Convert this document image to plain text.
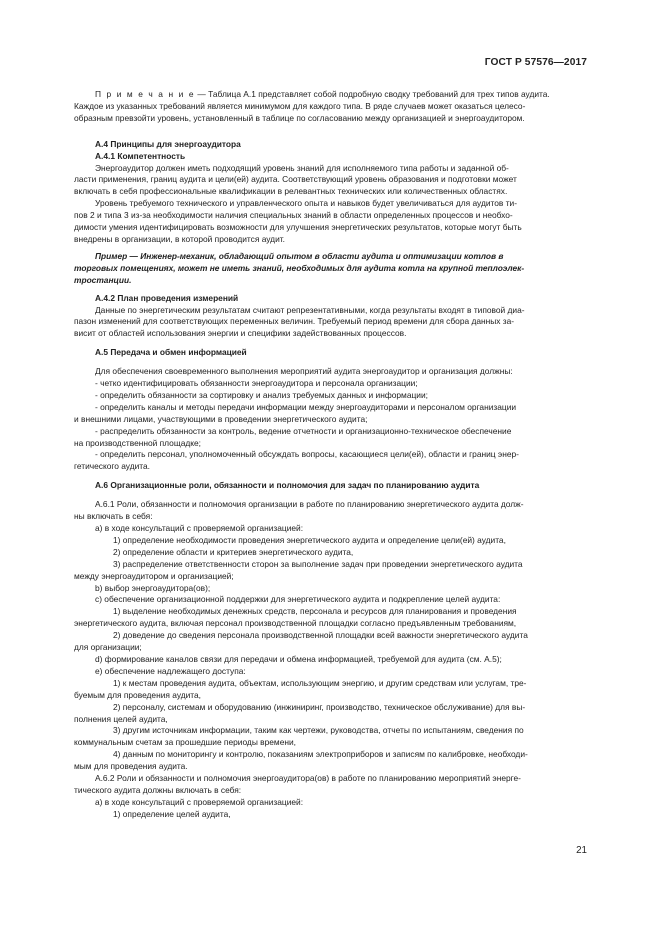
ГОСТ Р 57576—2017

П р и м е ч а н и е — Таблица А.1 представляет собой подробную сводку требований для трех типов аудита.
Каждое из указанных требований является минимумом для каждого типа. В ряде случаев может оказаться целесо-
образным превзойти уровень, установленный в таблице по согласованию между организацией и энергоаудитором.

А.4 Принципы для энергоаудитора

А.4.1 Компетентность

Энергоаудитор должен иметь подходящий уровень знаний для исполняемого типа работы и заданной об-
ласти применения, границ аудита и цели(ей) аудита. Соответствующий уровень образования и подготовки может
включать в себя профессиональные квалификации в релевантных технических или количественных областях.

Уровень требуемого технического и управленческого опыта и навыков будет увеличиваться для аудитов ти-
пов 2 и типа 3 из-за необходимости наличия специальных знаний в области определенных процессов и необхо-
димости умения идентифицировать возможности для улучшения энергетических результатов, которые могут быть
внедрены в организации, в которой проводится аудит.

Пример — Инженер-механик, обладающий опытом в области аудита и оптимизации котлов в
торговых помещениях, может не иметь знаний, необходимых для аудита котла на крупной теплоэлек-
тростанции.

А.4.2 План проведения измерений

Данные по энергетическим результатам считают репрезентативными, когда результаты входят в типовой диа-
пазон изменений для соответствующих переменных величин. Требуемый период времени для сбора данных за-
висит от областей использования энергии и специфики задействованных процессов.

А.5 Передача и обмен информацией

Для обеспечения своевременного выполнения мероприятий аудита энергоаудитор и организация должны:

- четко идентифицировать обязанности энергоаудитора и персонала организации;

- определить обязанности за сортировку и анализ требуемых данных и информации;

- определить каналы и методы передачи информации между энергоаудиторами и персоналом организации
и внешними лицами, участвующими в проведении энергетического аудита;

- распределить обязанности за контроль, ведение отчетности и организационно-техническое обеспечение
на производственной площадке;

- определить персонал, уполномоченный обсуждать вопросы, касающиеся цели(ей), области и границ энер-
гетического аудита.

А.6 Организационные роли, обязанности и полномочия для задач по планированию аудита

А.6.1 Роли, обязанности и полномочия организации в работе по планированию энергетического аудита долж-
ны включать в себя:

а) в ходе консультаций с проверяемой организацией:

1) определение необходимости проведения энергетического аудита и определение цели(ей) аудита,

2) определение области и критериев энергетического аудита,

3) распределение ответственности сторон за выполнение задач при проведении энергетического аудита
между энергоаудитором и организацией;

b) выбор энергоаудитора(ов);

c) обеспечение организационной поддержки для энергетического аудита и подкрепление целей аудита:

1) выделение необходимых денежных средств, персонала и ресурсов для планирования и проведения
энергетического аудита, включая персонал производственной площадки согласно предъявленным требованиям,

2) доведение до сведения персонала производственной площадки всей важности энергетического аудита
для организации;

d) формирование каналов связи для передачи и обмена информацией, требуемой для аудита (см. А.5);

е) обеспечение надлежащего доступа:

1) к местам проведения аудита, объектам, использующим энергию, и другим средствам или услугам, тре-
буемым для проведения аудита,

2) персоналу, системам и оборудованию (инжиниринг, производство, техническое обслуживание) для вы-
полнения целей аудита,

3) другим источникам информации, таким как чертежи, руководства, отчеты по испытаниям, сведения по
коммунальным счетам за прошедшие периоды времени,

4) данным по мониторингу и контролю, показаниям электроприборов и записям по калибровке, необходи-
мым для проведения аудита.

А.6.2 Роли и обязанности и полномочия энергоаудитора(ов) в работе по планированию мероприятий энерге-
тического аудита должны включать в себя:

а) в ходе консультаций с проверяемой организацией:

1) определение целей аудита,

21
